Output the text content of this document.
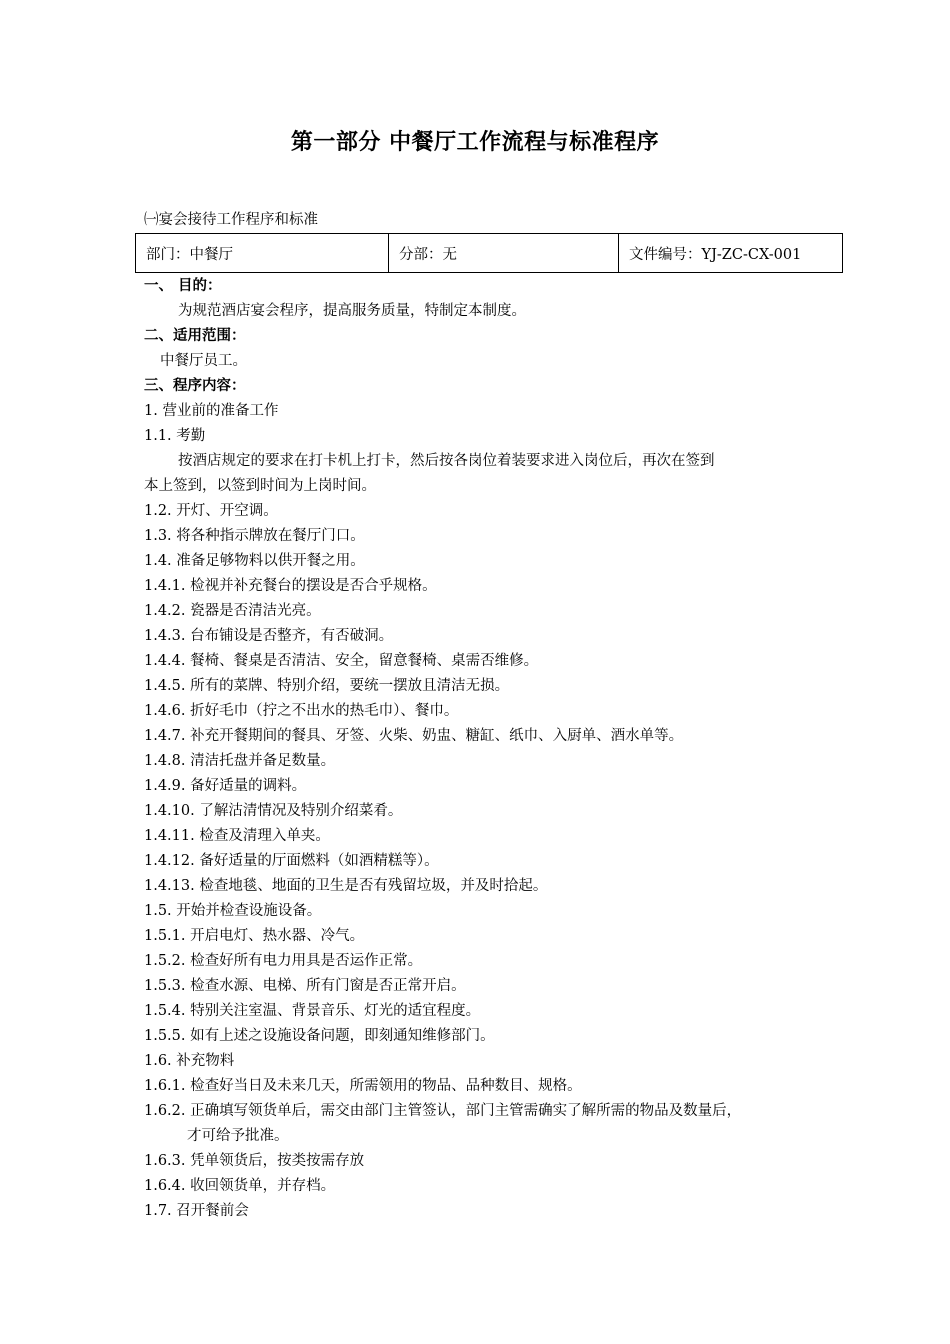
第一部分 中餐厅工作流程与标准程序
㈠宴会接待工作程序和标准
部门：中餐厅	分部：无	文件编号：YJ-ZC-CX-001
一、 目的：
为规范酒店宴会程序，提高服务质量，特制定本制度。
二、适用范围：
中餐厅员工。
三、程序内容：
1. 营业前的准备工作
1.1. 考勤
按酒店规定的要求在打卡机上打卡，然后按各岗位着装要求进入岗位后，再次在签到
本上签到，以签到时间为上岗时间。
1.2. 开灯、开空调。
1.3. 将各种指示牌放在餐厅门口。
1.4. 准备足够物料以供开餐之用。
1.4.1. 检视并补充餐台的摆设是否合乎规格。
1.4.2. 瓷器是否清洁光亮。
1.4.3. 台布铺设是否整齐，有否破洞。
1.4.4. 餐椅、餐桌是否清洁、安全，留意餐椅、桌需否维修。
1.4.5. 所有的菜牌、特别介绍，要统一摆放且清洁无损。
1.4.6. 折好毛巾（拧之不出水的热毛巾）、餐巾。
1.4.7. 补充开餐期间的餐具、牙签、火柴、奶盅、糖缸、纸巾、入厨单、酒水单等。
1.4.8. 清洁托盘并备足数量。
1.4.9. 备好适量的调料。
1.4.10. 了解沽清情况及特别介绍菜肴。
1.4.11. 检查及清理入单夹。
1.4.12. 备好适量的厅面燃料（如酒精糕等）。
1.4.13. 检查地毯、地面的卫生是否有残留垃圾，并及时拾起。
1.5. 开始并检查设施设备。
1.5.1. 开启电灯、热水器、冷气。
1.5.2. 检查好所有电力用具是否运作正常。
1.5.3. 检查水源、电梯、所有门窗是否正常开启。
1.5.4. 特别关注室温、背景音乐、灯光的适宜程度。
1.5.5. 如有上述之设施设备问题，即刻通知维修部门。
1.6. 补充物料
1.6.1. 检查好当日及未来几天，所需领用的物品、品种数目、规格。
1.6.2. 正确填写领货单后，需交由部门主管签认，部门主管需确实了解所需的物品及数量后，
才可给予批准。
1.6.3. 凭单领货后，按类按需存放
1.6.4. 收回领货单，并存档。
1.7. 召开餐前会
